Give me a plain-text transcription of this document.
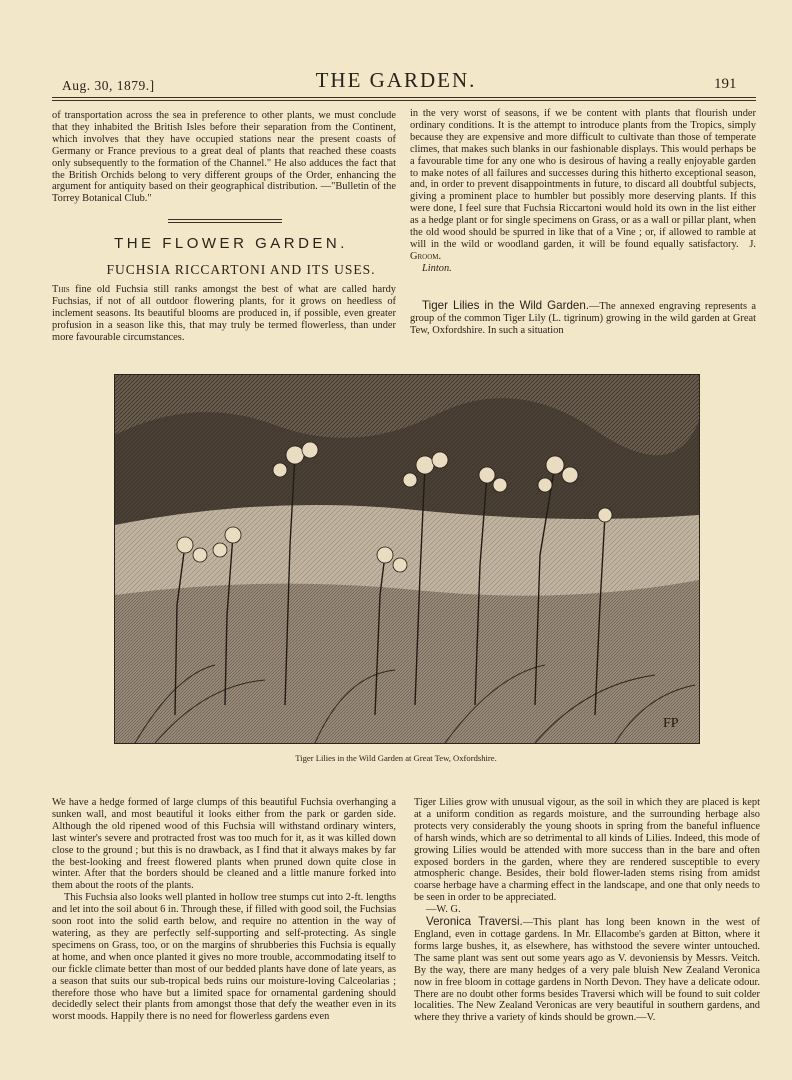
Aug. 30, 1879.]	THE GARDEN.	191

of transportation across the sea in preference to other plants, we must conclude that they inhabited the British Isles before their separation from the Continent, which involves that they have occupied stations near the present coasts of Germany or France previous to a great deal of plants that reached these coasts only subsequently to the formation of the Channel." He also adduces the fact that the British Orchids belong to very different groups of the Order, enhancing the argument for antiquity based on their geographical distribution. —"Bulletin of the Torrey Botanical Club."

THE FLOWER GARDEN.
FUCHSIA RICCARTONI AND ITS USES.

This fine old Fuchsia still ranks amongst the best of what are called hardy Fuchsias, if not of all outdoor flowering plants, for it grows on heedless of inclement seasons. Its beautiful blooms are produced in, if possible, even greater profusion in a season like this, that may truly be termed flowerless, than under more favourable circumstances.

in the very worst of seasons, if we be content with plants that flourish under ordinary conditions. It is the attempt to introduce plants from the Tropics, simply because they are expensive and more difficult to cultivate than those of temperate climes, that makes such blanks in our fashionable displays. This would perhaps be a favourable time for any one who is desirous of having a really enjoyable garden to make notes of all failures and successes during this hitherto exceptional season, and, in order to prevent disappointments in future, to discard all doubtful subjects, giving a prominent place to humbler but possibly more deserving plants. If this were done, I feel sure that Fuchsia Riccartoni would hold its own in the list either as a hedge plant or for single specimens on Grass, or as a wall or pillar plant, when the old wood should be spurred in like that of a Vine ; or, if allowed to ramble at will in the wild or woodland garden, it will be found equally satisfactory. J. Groom.

Linton.

Tiger Lilies in the Wild Garden.—The annexed engraving represents a group of the common Tiger Lily (L. tigrinum) growing in the wild garden at Great Tew, Oxfordshire. In such a situation

FP
Tiger Lilies in the Wild Garden at Great Tew, Oxfordshire.

We have a hedge formed of large clumps of this beautiful Fuchsia overhanging a sunken wall, and most beautiful it looks either from the park or garden side. Although the old ripened wood of this Fuchsia will withstand ordinary winters, last winter's severe and protracted frost was too much for it, as it was killed down close to the ground ; but this is no drawback, as I find that it always makes by far the best-looking and freest flowered plants when pruned down quite close in winter. After that the borders should be cleaned and a little manure forked into them about the roots of the plants.

This Fuchsia also looks well planted in hollow tree stumps cut into 2-ft. lengths and let into the soil about 6 in. Through these, if filled with good soil, the Fuchsias soon root into the solid earth below, and require no attention in the way of watering, as they are perfectly self-supporting and self-protecting. As single specimens on Grass, too, or on the margins of shrubberies this Fuchsia is equally at home, and when once planted it gives no more trouble, accommodating itself to our fickle climate better than most of our bedded plants have done of late years, as a season that suits our sub-tropical beds ruins our moisture-loving Calceolarias ; therefore those who have but a limited space for ornamental gardening should decidedly select their plants from amongst those that defy the weather even in its worst moods. Happily there is no need for flowerless gardens even

Tiger Lilies grow with unusual vigour, as the soil in which they are placed is kept at a uniform condition as regards moisture, and the surrounding herbage also protects very considerably the young shoots in spring from the baneful influence of harsh winds, which are so detrimental to all kinds of Lilies. Indeed, this mode of growing Lilies would be attended with more success than in the bare and often exposed borders in the garden, where they are rendered susceptible to every atmospheric change. Besides, their bold flower-laden stems rising from amidst coarse herbage have a charming effect in the landscape, and one that only needs to be seen in order to be appreciated.

—W. G.

Veronica Traversi.—This plant has long been known in the west of England, even in cottage gardens. In Mr. Ellacombe's garden at Bitton, where it forms large bushes, it, as elsewhere, has withstood the severe winter untouched. The same plant was sent out some years ago as V. devoniensis by Messrs. Veitch. By the way, there are many hedges of a very pale bluish New Zealand Veronica now in free bloom in cottage gardens in North Devon. They have a delicate odour. There are no doubt other forms besides Traversi which will be found to suit colder localities. The New Zealand Veronicas are very beautiful in southern gardens, and where they thrive a variety of kinds should be grown.—V.
